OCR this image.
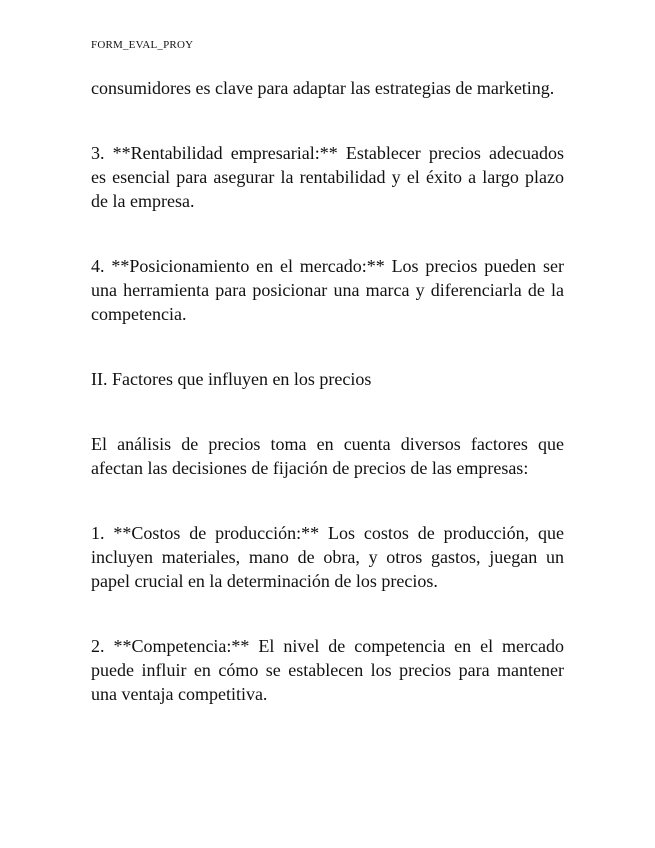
FORM_EVAL_PROY

consumidores es clave para adaptar las estrategias de marketing.

3. **Rentabilidad empresarial:** Establecer precios adecuados es esencial para asegurar la rentabilidad y el éxito a largo plazo de la empresa.

4. **Posicionamiento en el mercado:** Los precios pueden ser una herramienta para posicionar una marca y diferenciarla de la competencia.

II. Factores que influyen en los precios

El análisis de precios toma en cuenta diversos factores que afectan las decisiones de fijación de precios de las empresas:

1. **Costos de producción:** Los costos de producción, que incluyen materiales, mano de obra, y otros gastos, juegan un papel crucial en la determinación de los precios.

2. **Competencia:** El nivel de competencia en el mercado puede influir en cómo se establecen los precios para mantener una ventaja competitiva.
